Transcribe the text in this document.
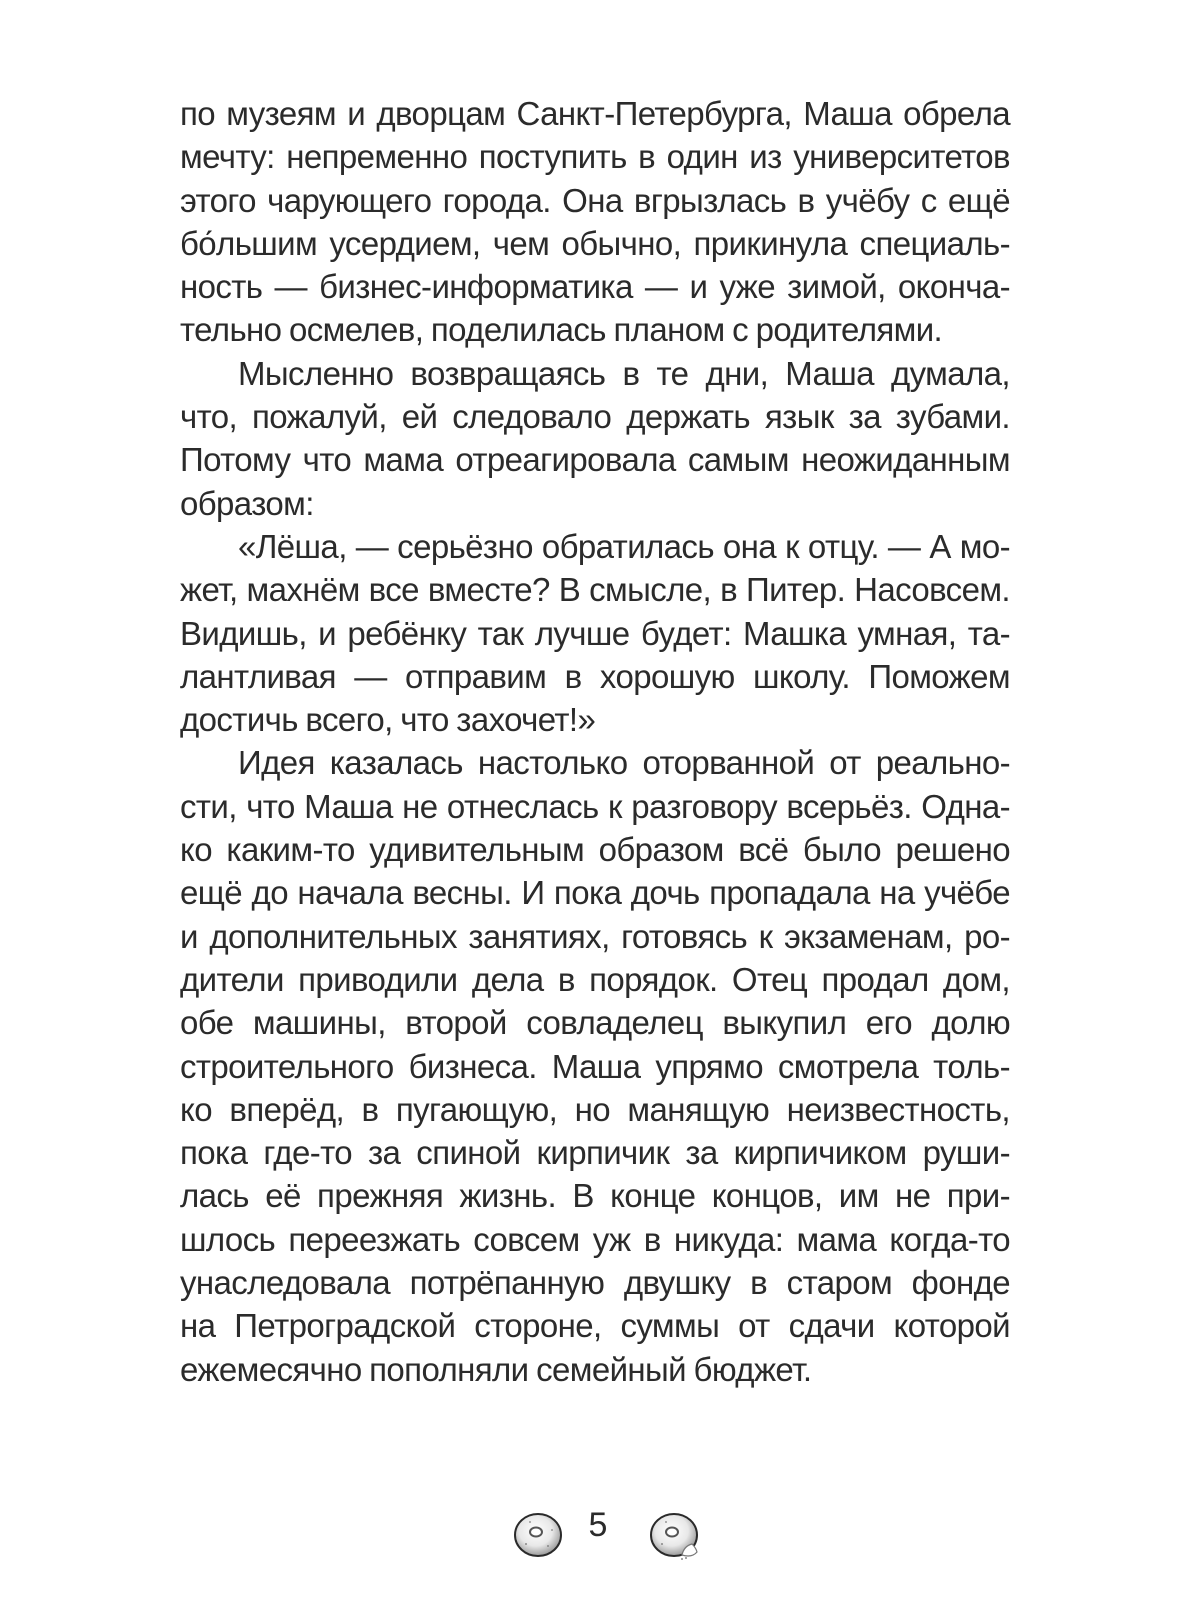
по музеям и дворцам Санкт-Петербурга, Маша обрела
мечту: непременно поступить в один из университетов
этого чарующего города. Она вгрызлась в учёбу с ещё
бо́льшим усердием, чем обычно, прикинула специаль-
ность — бизнес-информатика — и уже зимой, оконча-
тельно осмелев, поделилась планом с родителями.
Мысленно возвращаясь в те дни, Маша думала,
что, пожалуй, ей следовало держать язык за зубами.
Потому что мама отреагировала самым неожиданным
образом:
«Лёша, — серьёзно обратилась она к отцу. — А мо-
жет, махнём все вместе? В смысле, в Питер. Насовсем.
Видишь, и ребёнку так лучше будет: Машка умная, та-
лантливая — отправим в хорошую школу. Поможем
достичь всего, что захочет!»
Идея казалась настолько оторванной от реально-
сти, что Маша не отнеслась к разговору всерьёз. Одна-
ко каким-то удивительным образом всё было решено
ещё до начала весны. И пока дочь пропадала на учёбе
и дополнительных занятиях, готовясь к экзаменам, ро-
дители приводили дела в порядок. Отец продал дом,
обе машины, второй совладелец выкупил его долю
строительного бизнеса. Маша упрямо смотрела толь-
ко вперёд, в пугающую, но манящую неизвестность,
пока где-то за спиной кирпичик за кирпичиком руши-
лась её прежняя жизнь. В конце концов, им не при-
шлось переезжать совсем уж в никуда: мама когда-то
унаследовала потрёпанную двушку в старом фонде
на Петроградской стороне, суммы от сдачи которой
ежемесячно пополняли семейный бюджет.
5
